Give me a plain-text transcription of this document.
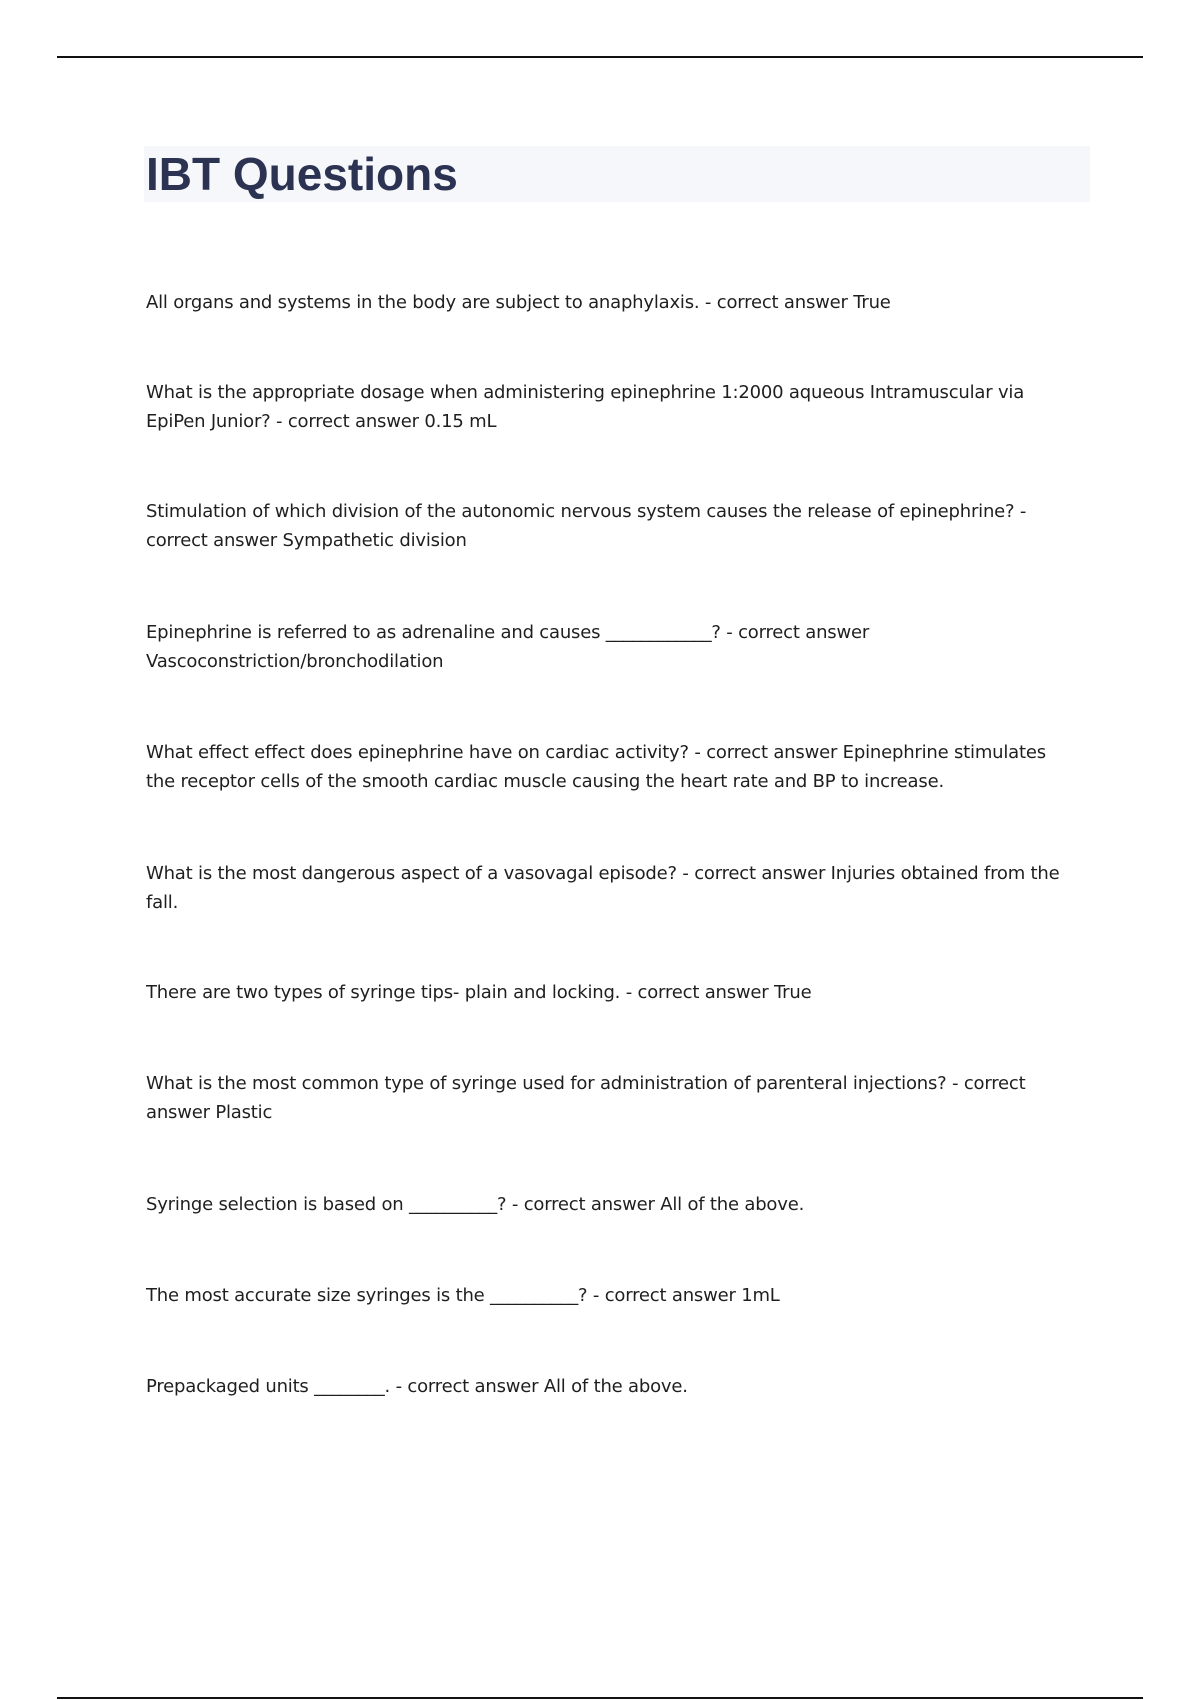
IBT Questions
All organs and systems in the body are subject to anaphylaxis. - correct answer True
What is the appropriate dosage when administering epinephrine 1:2000 aqueous Intramuscular via EpiPen Junior? - correct answer 0.15 mL
Stimulation of which division of the autonomic nervous system causes the release of epinephrine? - correct answer Sympathetic division
Epinephrine is referred to as adrenaline and causes ____________? - correct answer Vascoconstriction/bronchodilation
What effect effect does epinephrine have on cardiac activity? - correct answer Epinephrine stimulates the receptor cells of the smooth cardiac muscle causing the heart rate and BP to increase.
What is the most dangerous aspect of a vasovagal episode? - correct answer Injuries obtained from the fall.
There are two types of syringe tips- plain and locking. - correct answer True
What is the most common type of syringe used for administration of parenteral injections? - correct answer Plastic
Syringe selection is based on __________? - correct answer All of the above.
The most accurate size syringes is the __________? - correct answer 1mL
Prepackaged units ________. - correct answer All of the above.
